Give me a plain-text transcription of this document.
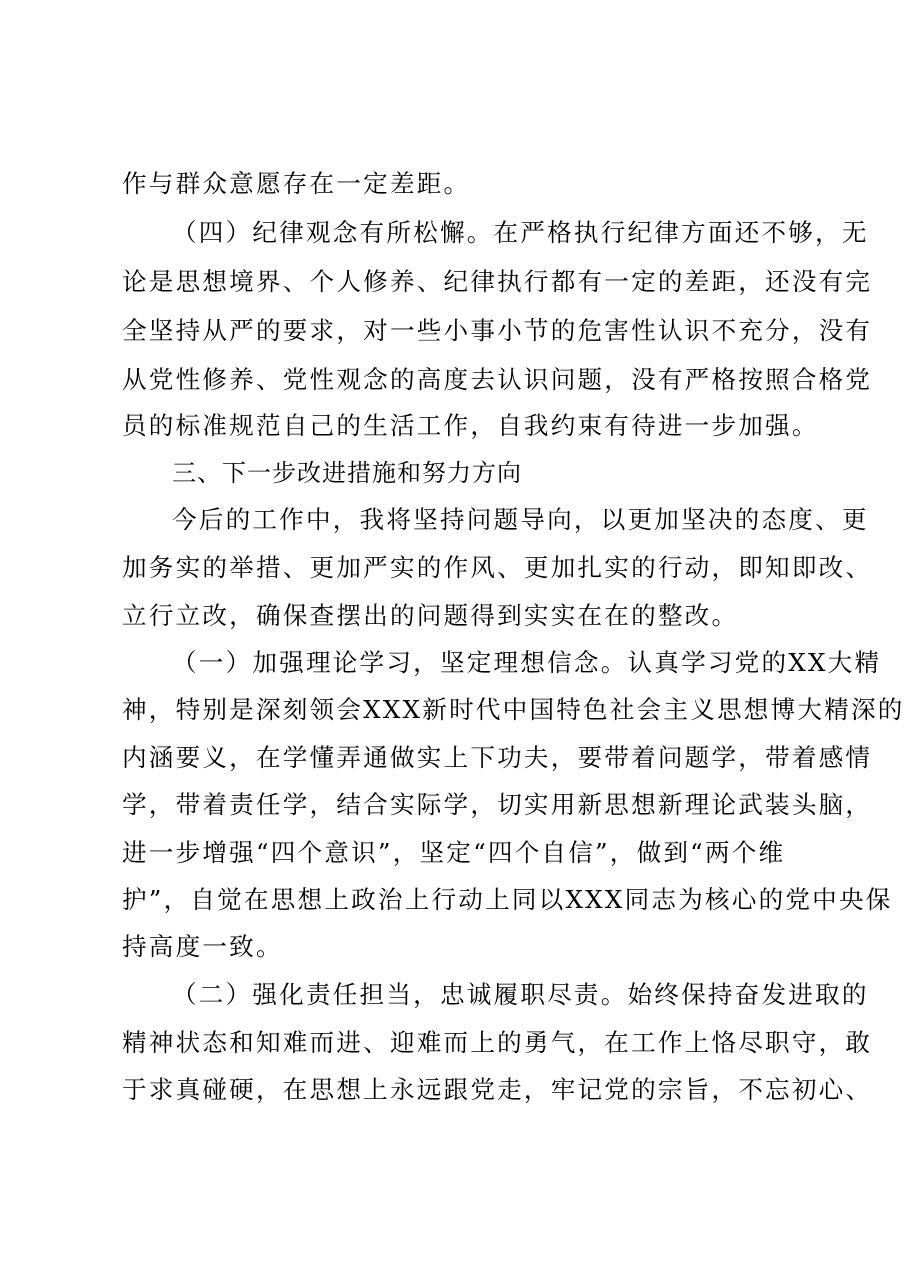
作与群众意愿存在一定差距。
（四）纪律观念有所松懈。在严格执行纪律方面还不够，无
论是思想境界、个人修养、纪律执行都有一定的差距，还没有完
全坚持从严的要求，对一些小事小节的危害性认识不充分，没有
从党性修养、党性观念的高度去认识问题，没有严格按照合格党
员的标准规范自己的生活工作，自我约束有待进一步加强。
三、下一步改进措施和努力方向
今后的工作中，我将坚持问题导向，以更加坚决的态度、更
加务实的举措、更加严实的作风、更加扎实的行动，即知即改、
立行立改，确保查摆出的问题得到实实在在的整改。
（一）加强理论学习，坚定理想信念。认真学习党的XX大精
神，特别是深刻领会XXX新时代中国特色社会主义思想博大精深的
内涵要义，在学懂弄通做实上下功夫，要带着问题学，带着感情
学，带着责任学，结合实际学，切实用新思想新理论武装头脑，
进一步增强“四个意识”，坚定“四个自信”，做到“两个维
护”，自觉在思想上政治上行动上同以XXX同志为核心的党中央保
持高度一致。
（二）强化责任担当，忠诚履职尽责。始终保持奋发进取的
精神状态和知难而进、迎难而上的勇气，在工作上恪尽职守，敢
于求真碰硬，在思想上永远跟党走，牢记党的宗旨，不忘初心、
